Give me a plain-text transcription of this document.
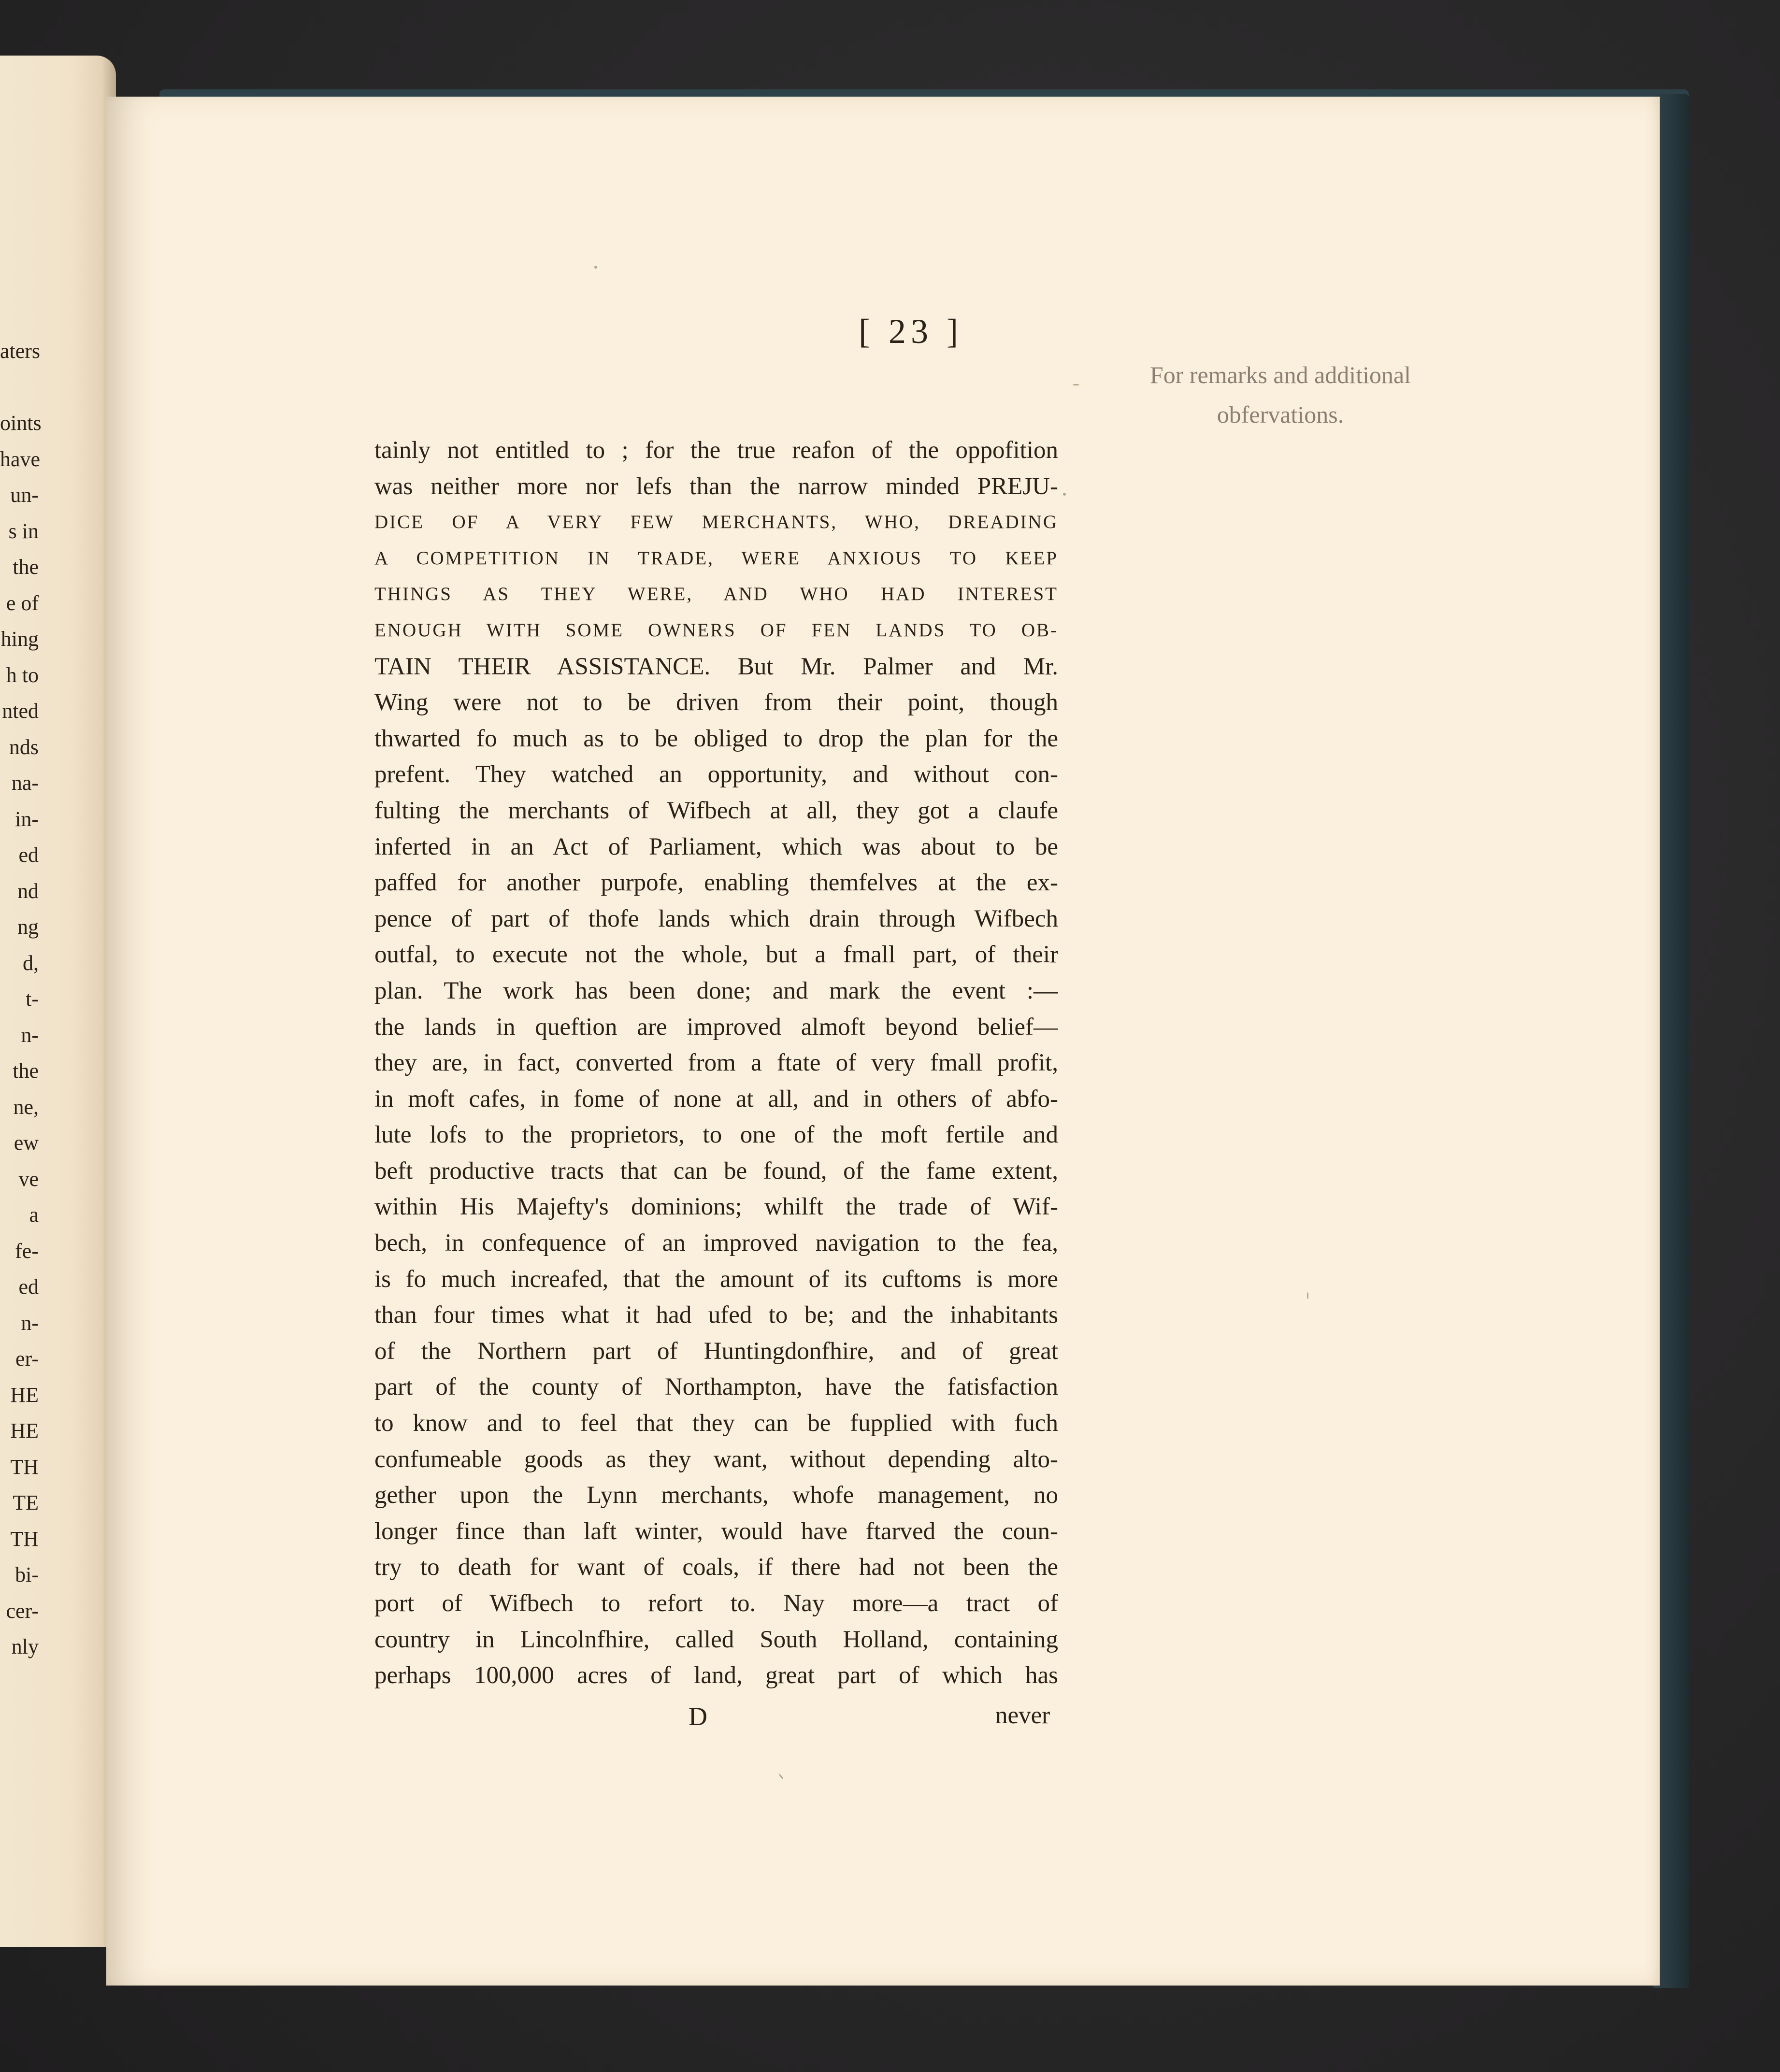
aters
oints
have
un-
s in
the
e of
hing
h to
nted
nds
na-
in-
ed
nd
ng
d,
t-
n-
the
ne,
ew
ve
a
fe-
ed
n-
er-
HE
HE
TH
TE
TH
bi-
cer-
nly
[ 23 ]

For remarks and additional
obfervations.

tainly not entitled to ; for the true reafon of the oppofition
was neither more nor lefs than the narrow minded PREJU-
DICE OF A VERY FEW MERCHANTS, WHO, DREADING
A COMPETITION IN TRADE, WERE ANXIOUS TO KEEP
THINGS AS THEY WERE, AND WHO HAD INTEREST
ENOUGH WITH SOME OWNERS OF FEN LANDS TO OB-
TAIN THEIR ASSISTANCE. But Mr. Palmer and Mr.
Wing were not to be driven from their point, though
thwarted fo much as to be obliged to drop the plan for the
prefent. They watched an opportunity, and without con-
fulting the merchants of Wifbech at all, they got a claufe
inferted in an Act of Parliament, which was about to be
paffed for another purpofe, enabling themfelves at the ex-
pence of part of thofe lands which drain through Wifbech
outfal, to execute not the whole, but a fmall part, of their
plan. The work has been done; and mark the event :—
the lands in queftion are improved almoft beyond belief—
they are, in fact, converted from a ftate of very fmall profit,
in moft cafes, in fome of none at all, and in others of abfo-
lute lofs to the proprietors, to one of the moft fertile and
beft productive tracts that can be found, of the fame extent,
within His Majefty's dominions; whilft the trade of Wif-
bech, in confequence of an improved navigation to the fea,
is fo much increafed, that the amount of its cuftoms is more
than four times what it had ufed to be; and the inhabitants
of the Northern part of Huntingdonfhire, and of great
part of the county of Northampton, have the fatisfaction
to know and to feel that they can be fupplied with fuch
confumeable goods as they want, without depending alto-
gether upon the Lynn merchants, whofe management, no
longer fince than laft winter, would have ftarved the coun-
try to death for want of coals, if there had not been the
port of Wifbech to refort to. Nay more—a tract of
country in Lincolnfhire, called South Holland, containing
perhaps 100,000 acres of land, great part of which has

D	never
